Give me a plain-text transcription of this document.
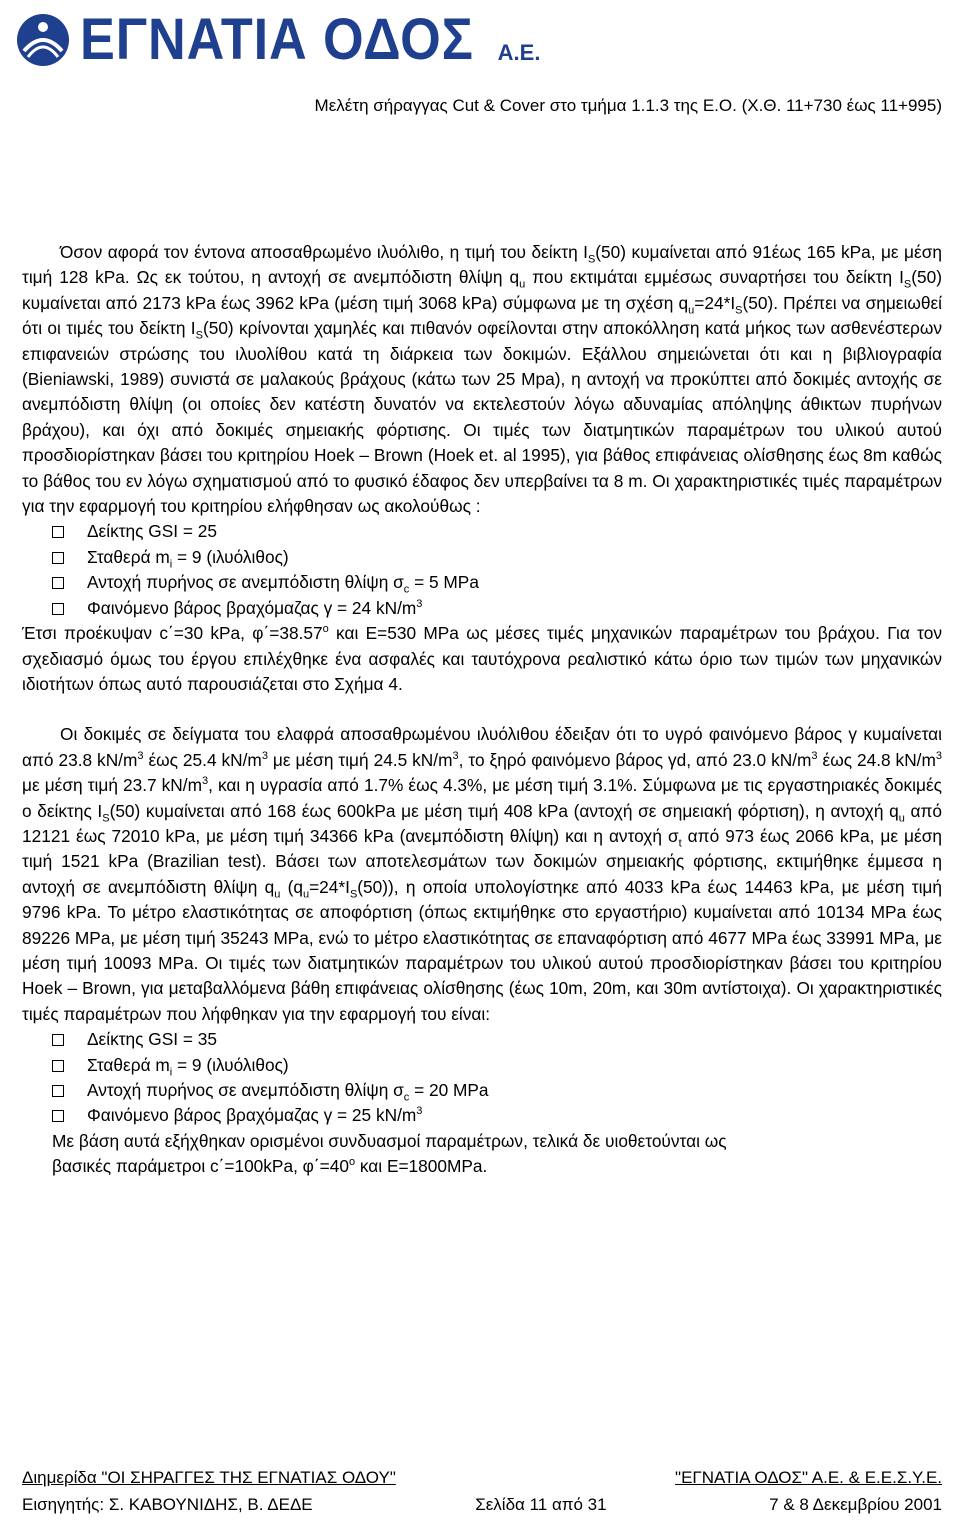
ΕΓΝΑΤΙΑ ΟΔΟΣ Α.Ε.
Μελέτη σήραγγας Cut & Cover στο τμήμα 1.1.3 της Ε.Ο. (Χ.Θ. 11+730 έως 11+995)

Όσον αφορά τον έντονα αποσαθρωμένο ιλυόλιθο, η τιμή του δείκτη $I_S(50)$ κυμαίνεται από 91έως 165 kPa, με μέση τιμή 128 kPa. Ως εκ τούτου, η αντοχή σε ανεμπόδιστη θλίψη $q_u$ που εκτιμάται εμμέσως συναρτήσει του δείκτη $I_S(50)$ κυμαίνεται από 2173 kPa έως 3962 kPa (μέση τιμή 3068 kPa) σύμφωνα με τη σχέση $q_u=24*I_S(50)$. Πρέπει να σημειωθεί ότι οι τιμές του δείκτη $I_S(50)$ κρίνονται χαμηλές και πιθανόν οφείλονται στην αποκόλληση κατά μήκος των ασθενέστερων επιφανειών στρώσης του ιλυολίθου κατά τη διάρκεια των δοκιμών. Εξάλλου σημειώνεται ότι και η βιβλιογραφία (Bieniawski, 1989) συνιστά σε μαλακούς βράχους (κάτω των 25 Mpa), η αντοχή να προκύπτει από δοκιμές αντοχής σε ανεμπόδιστη θλίψη (οι οποίες δεν κατέστη δυνατόν να εκτελεστούν λόγω αδυναμίας απόληψης άθικτων πυρήνων βράχου), και όχι από δοκιμές σημειακής φόρτισης. Οι τιμές των διατμητικών παραμέτρων του υλικού αυτού προσδιορίστηκαν βάσει του κριτηρίου Hoek – Brown (Hoek et. al 1995), για βάθος επιφάνειας ολίσθησης έως 8m καθώς το βάθος του εν λόγω σχηματισμού από το φυσικό έδαφος δεν υπερβαίνει τα 8 m. Οι χαρακτηριστικές τιμές παραμέτρων για την εφαρμογή του κριτηρίου ελήφθησαν ως ακολούθως :

Δείκτης GSI = 25
Σταθερά $m_i = 9$ (ιλυόλιθος)
Αντοχή πυρήνος σε ανεμπόδιστη θλίψη $\sigma_c = 5$ MPa
Φαινόμενο βάρος βραχόμαζας γ = 24 $kN/m^3$

Έτσι προέκυψαν c΄=30 kPa, $\varphi΄=38.57^o$ και Ε=530 MPa ως μέσες τιμές μηχανικών παραμέτρων του βράχου. Για τον σχεδιασμό όμως του έργου επιλέχθηκε ένα ασφαλές και ταυτόχρονα ρεαλιστικό κάτω όριο των τιμών των μηχανικών ιδιοτήτων όπως αυτό παρουσιάζεται στο Σχήμα 4.

Οι δοκιμές σε δείγματα του ελαφρά αποσαθρωμένου ιλυόλιθου έδειξαν ότι το υγρό φαινόμενο βάρος γ κυμαίνεται από 23.8 $kN/m^3$ έως 25.4 $kN/m^3$ με μέση τιμή 24.5 $kN/m^3$, το ξηρό φαινόμενο βάρος γd, από 23.0 $kN/m^3$ έως 24.8 $kN/m^3$ με μέση τιμή 23.7 $kN/m^3$, και η υγρασία από 1.7% έως 4.3%, με μέση τιμή 3.1%. Σύμφωνα με τις εργαστηριακές δοκιμές ο δείκτης $I_S(50)$ κυμαίνεται από 168 έως 600kPa με μέση τιμή 408 kPa (αντοχή σε σημειακή φόρτιση), η αντοχή $q_u$ από 12121 έως 72010 kPa, με μέση τιμή 34366 kPa (ανεμπόδιστη θλίψη) και η αντοχή $\sigma_t$ από 973 έως 2066 kPa, με μέση τιμή 1521 kPa (Brazilian test). Βάσει των αποτελεσμάτων των δοκιμών σημειακής φόρτισης, εκτιμήθηκε έμμεσα η αντοχή σε ανεμπόδιστη θλίψη $q_u$ $(q_u=24*I_S(50))$, η οποία υπολογίστηκε από 4033 kPa έως 14463 kPa, με μέση τιμή 9796 kPa. Το μέτρο ελαστικότητας σε αποφόρτιση (όπως εκτιμήθηκε στο εργαστήριο) κυμαίνεται από 10134 MPa έως 89226 MPa, με μέση τιμή 35243 MPa, ενώ το μέτρο ελαστικότητας σε επαναφόρτιση από 4677 MPa έως 33991 MPa, με μέση τιμή 10093 MPa. Οι τιμές των διατμητικών παραμέτρων του υλικού αυτού προσδιορίστηκαν βάσει του κριτηρίου Hoek – Brown, για μεταβαλλόμενα βάθη επιφάνειας ολίσθησης (έως 10m, 20m, και 30m αντίστοιχα). Οι χαρακτηριστικές τιμές παραμέτρων που λήφθηκαν για την εφαρμογή του είναι:

Δείκτης GSI = 35
Σταθερά $m_i = 9$ (ιλυόλιθος)
Αντοχή πυρήνος σε ανεμπόδιστη θλίψη $\sigma_c = 20$ MPa
Φαινόμενο βάρος βραχόμαζας γ = 25 $kN/m^3$

Με βάση αυτά εξήχθηκαν ορισμένοι συνδυασμοί παραμέτρων, τελικά δε υιοθετούνται ως

βασικές παράμετροι c΄=100kPa, $\varphi΄=40^o$ και Ε=1800MPa.

Διημερίδα "ΟΙ ΣΗΡΑΓΓΕΣ ΤΗΣ ΕΓΝΑΤΙΑΣ ΟΔΟΥ"	"ΕΓΝΑΤΙΑ ΟΔΟΣ" Α.Ε. & Ε.Ε.Σ.Υ.Ε.
Εισηγητής: Σ. ΚΑΒΟΥΝΙΔΗΣ, Β. ΔΕΔΕ	Σελίδα 11 από 31	7 & 8 Δεκεμβρίου 2001
